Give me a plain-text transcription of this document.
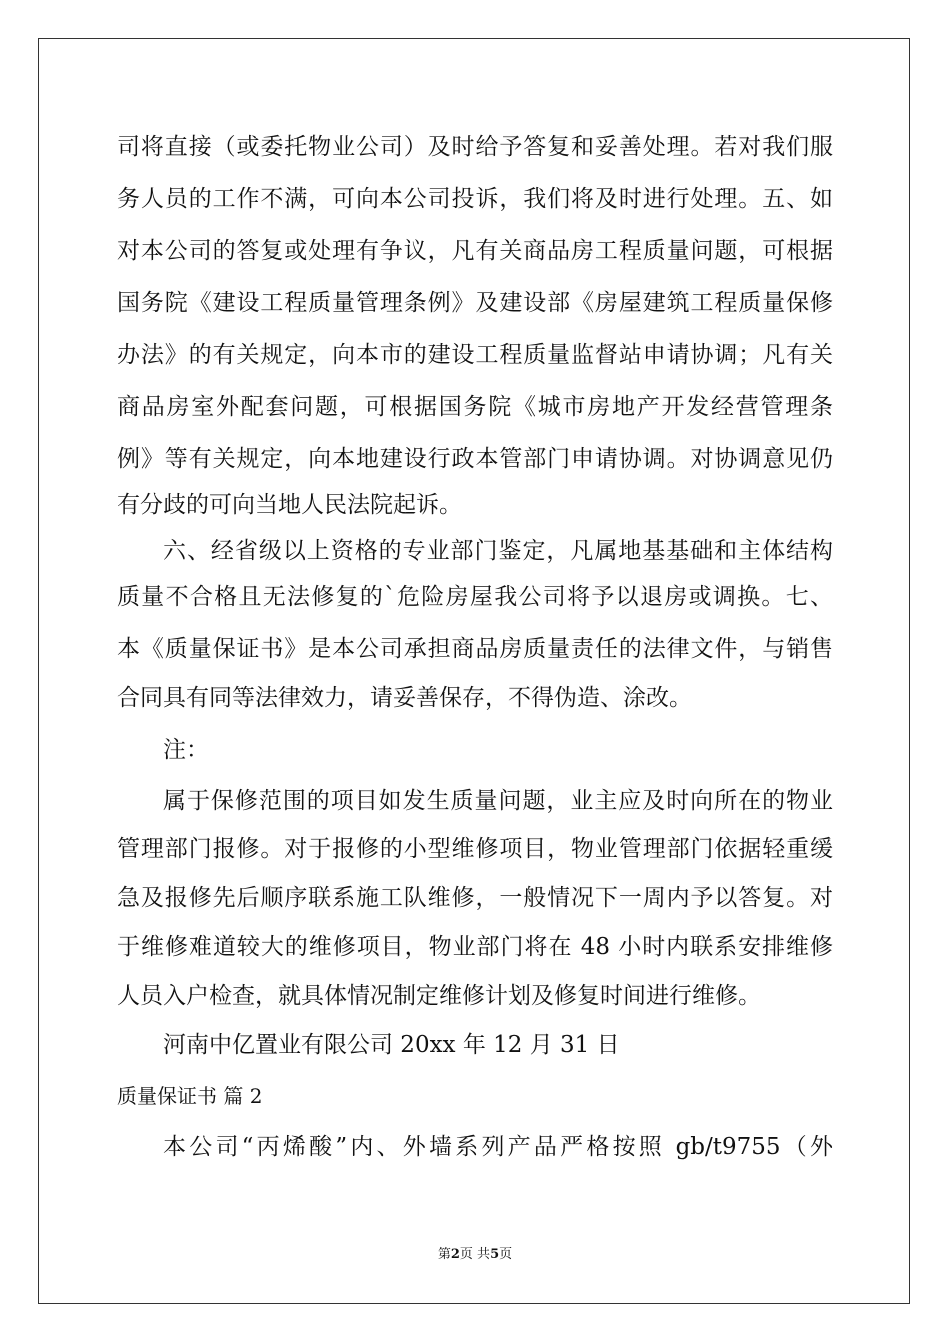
司将直接（或委托物业公司）及时给予答复和妥善处理。若对我们服
务人员的工作不满，可向本公司投诉，我们将及时进行处理。五、如
对本公司的答复或处理有争议，凡有关商品房工程质量问题，可根据
国务院《建设工程质量管理条例》及建设部《房屋建筑工程质量保修
办法》的有关规定，向本市的建设工程质量监督站申请协调；凡有关
商品房室外配套问题，可根据国务院《城市房地产开发经营管理条
例》等有关规定，向本地建设行政本管部门申请协调。对协调意见仍
有分歧的可向当地人民法院起诉。
六、经省级以上资格的专业部门鉴定，凡属地基基础和主体结构
质量不合格且无法修复的`危险房屋我公司将予以退房或调换。七、
本《质量保证书》是本公司承担商品房质量责任的法律文件，与销售
合同具有同等法律效力，请妥善保存，不得伪造、涂改。
注：
属于保修范围的项目如发生质量问题，业主应及时向所在的物业
管理部门报修。对于报修的小型维修项目，物业管理部门依据轻重缓
急及报修先后顺序联系施工队维修，一般情况下一周内予以答复。对
于维修难道较大的维修项目，物业部门将在 48 小时内联系安排维修
人员入户检查，就具体情况制定维修计划及修复时间进行维修。
河南中亿置业有限公司 20xx 年 12 月 31 日
质量保证书 篇 2
本公司“丙烯酸”内、外墙系列产品严格按照 gb/t9755（外
第2页 共5页
